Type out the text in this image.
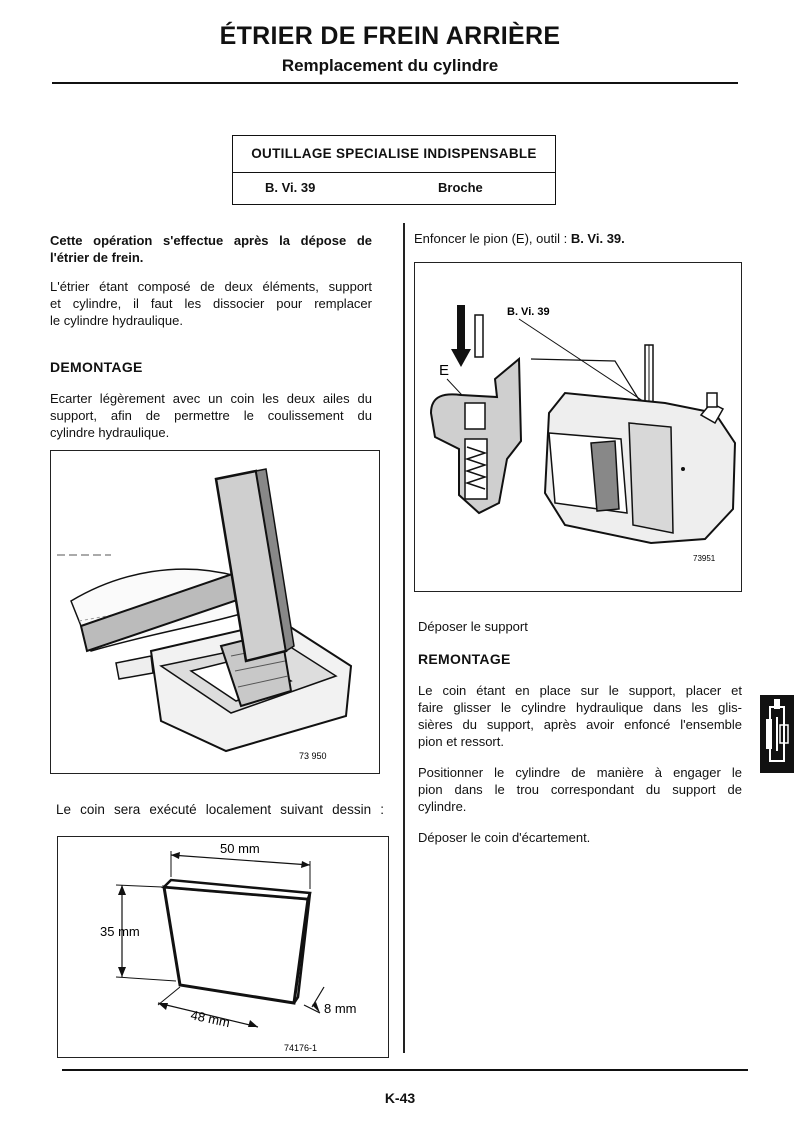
ÉTRIER DE FREIN ARRIÈRE
Remplacement du cylindre
OUTILLAGE SPECIALISE INDISPENSABLE
B. Vi. 39	Broche
Cette opération s'effectue après la dépose de
l'étrier de frein.
L'étrier étant composé de deux éléments, support
et cylindre, il faut les dissocier pour remplacer
le cylindre hydraulique.
DEMONTAGE
Ecarter légèrement avec un coin les deux ailes du
support, afin de permettre le coulissement du
cylindre hydraulique.
73 950
Le coin sera exécuté localement suivant dessin :
50 mm
35 mm
48 mm	8 mm
74176-1
Enfoncer le pion (E), outil : B. Vi. 39.
B. Vi. 39
E
73951
Déposer le support
REMONTAGE
Le coin étant en place sur le support, placer et
faire glisser le cylindre hydraulique dans les glis-
sières du support, après avoir enfoncé l'ensemble
pion et ressort.
Positionner le cylindre de manière à engager le
pion dans le trou correspondant du support de
cylindre.
Déposer le coin d'écartement.
K-43
